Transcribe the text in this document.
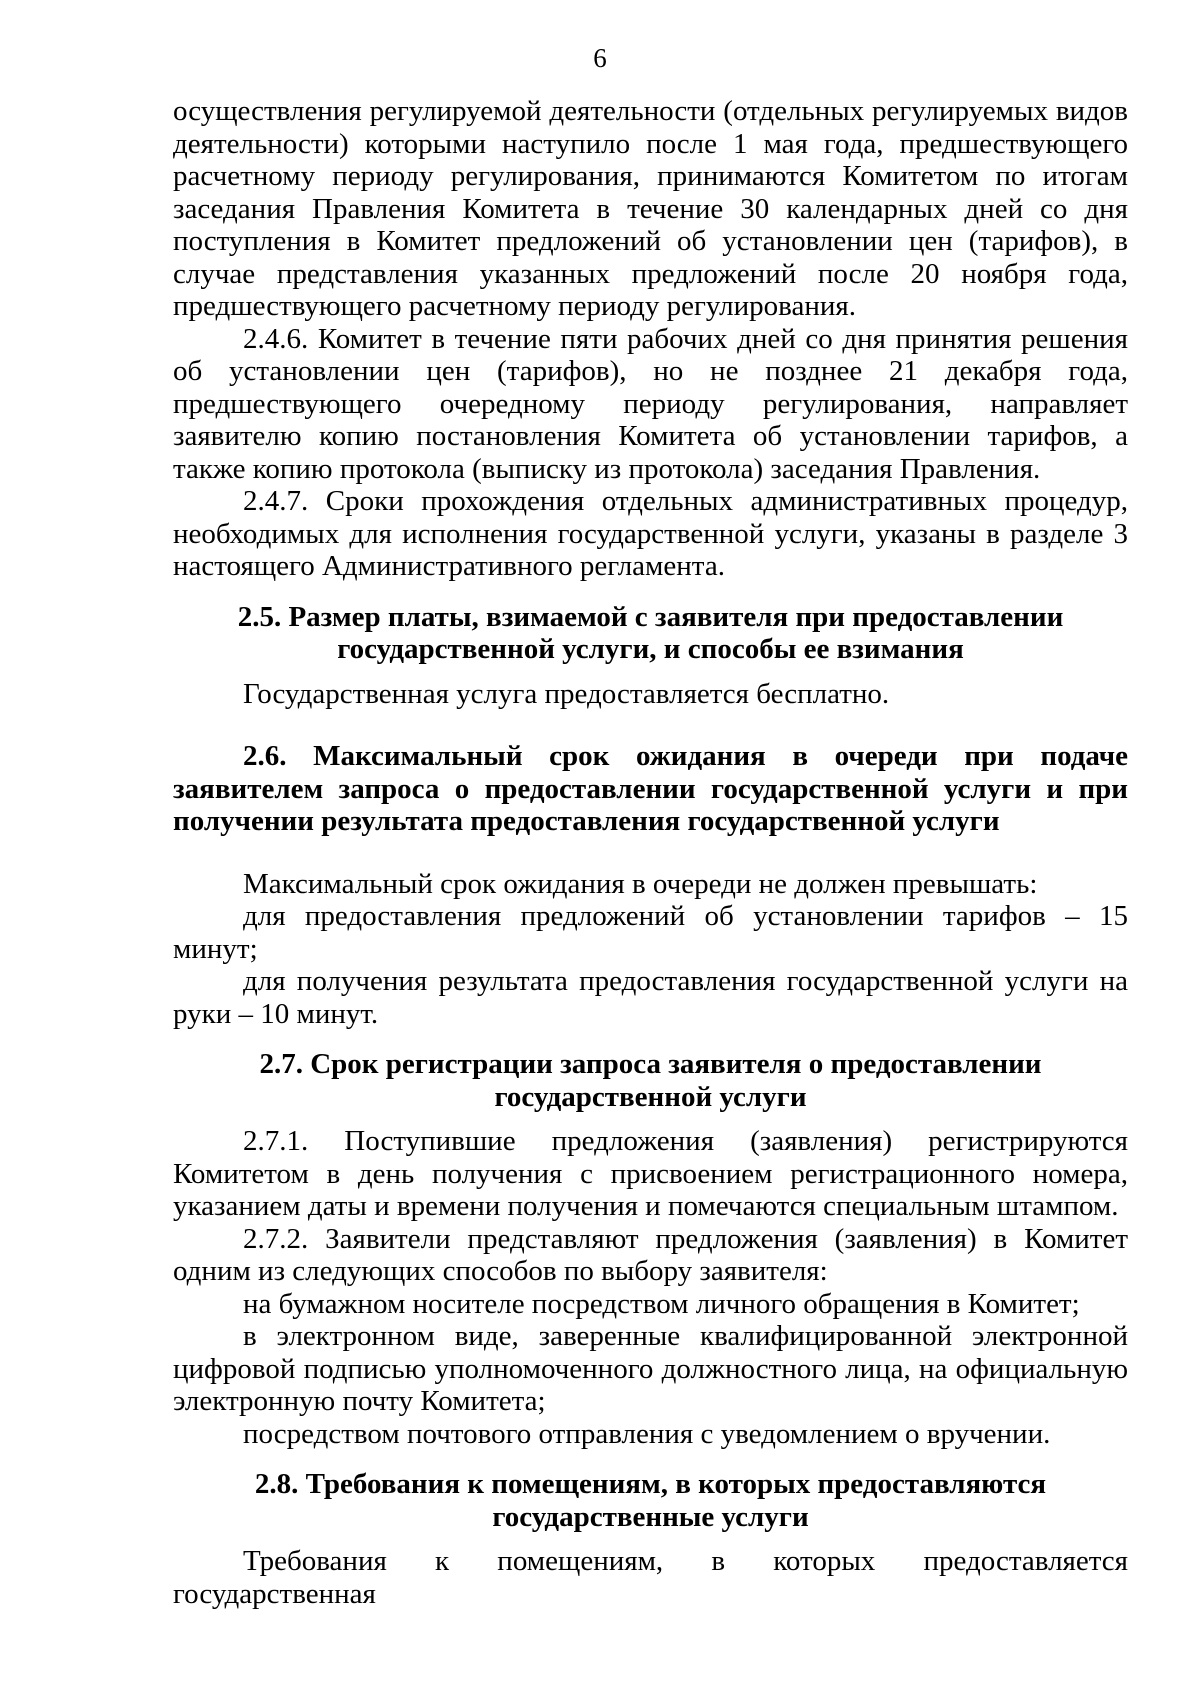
6

осуществления регулируемой деятельности (отдельных регулируемых видов деятельности) которыми наступило после 1 мая года, предшествующего расчетному периоду регулирования, принимаются Комитетом по итогам заседания Правления Комитета в течение 30 календарных дней со дня поступления в Комитет предложений об установлении цен (тарифов), в случае представления указанных предложений после 20 ноября года, предшествующего расчетному периоду регулирования.

2.4.6. Комитет в течение пяти рабочих дней со дня принятия решения об установлении цен (тарифов), но не позднее 21 декабря года, предшествующего очередному периоду регулирования, направляет заявителю копию постановления Комитета об установлении тарифов, а также копию протокола (выписку из протокола) заседания Правления.

2.4.7. Сроки прохождения отдельных административных процедур, необходимых для исполнения государственной услуги, указаны в разделе 3 настоящего Административного регламента.

2.5. Размер платы, взимаемой с заявителя при предоставлении

государственной услуги, и способы ее взимания

Государственная услуга предоставляется бесплатно.

2.6. Максимальный срок ожидания в очереди при подаче заявителем запроса о предоставлении государственной услуги и при получении результата предоставления государственной услуги

Максимальный срок ожидания в очереди не должен превышать:

для предоставления предложений об установлении тарифов – 15 минут;

для получения результата предоставления государственной услуги на руки – 10 минут.

2.7. Срок регистрации запроса заявителя о предоставлении

государственной услуги

2.7.1. Поступившие предложения (заявления) регистрируются Комитетом в день получения с присвоением регистрационного номера, указанием даты и времени получения и помечаются специальным штампом.

2.7.2. Заявители представляют предложения (заявления) в Комитет одним из следующих способов по выбору заявителя:

на бумажном носителе посредством личного обращения в Комитет;

в электронном виде, заверенные квалифицированной электронной цифровой подписью уполномоченного должностного лица, на официальную электронную почту Комитета;

посредством почтового отправления с уведомлением о вручении.

2.8. Требования к помещениям, в которых предоставляются

государственные услуги

Требования к помещениям, в которых предоставляется государственная
